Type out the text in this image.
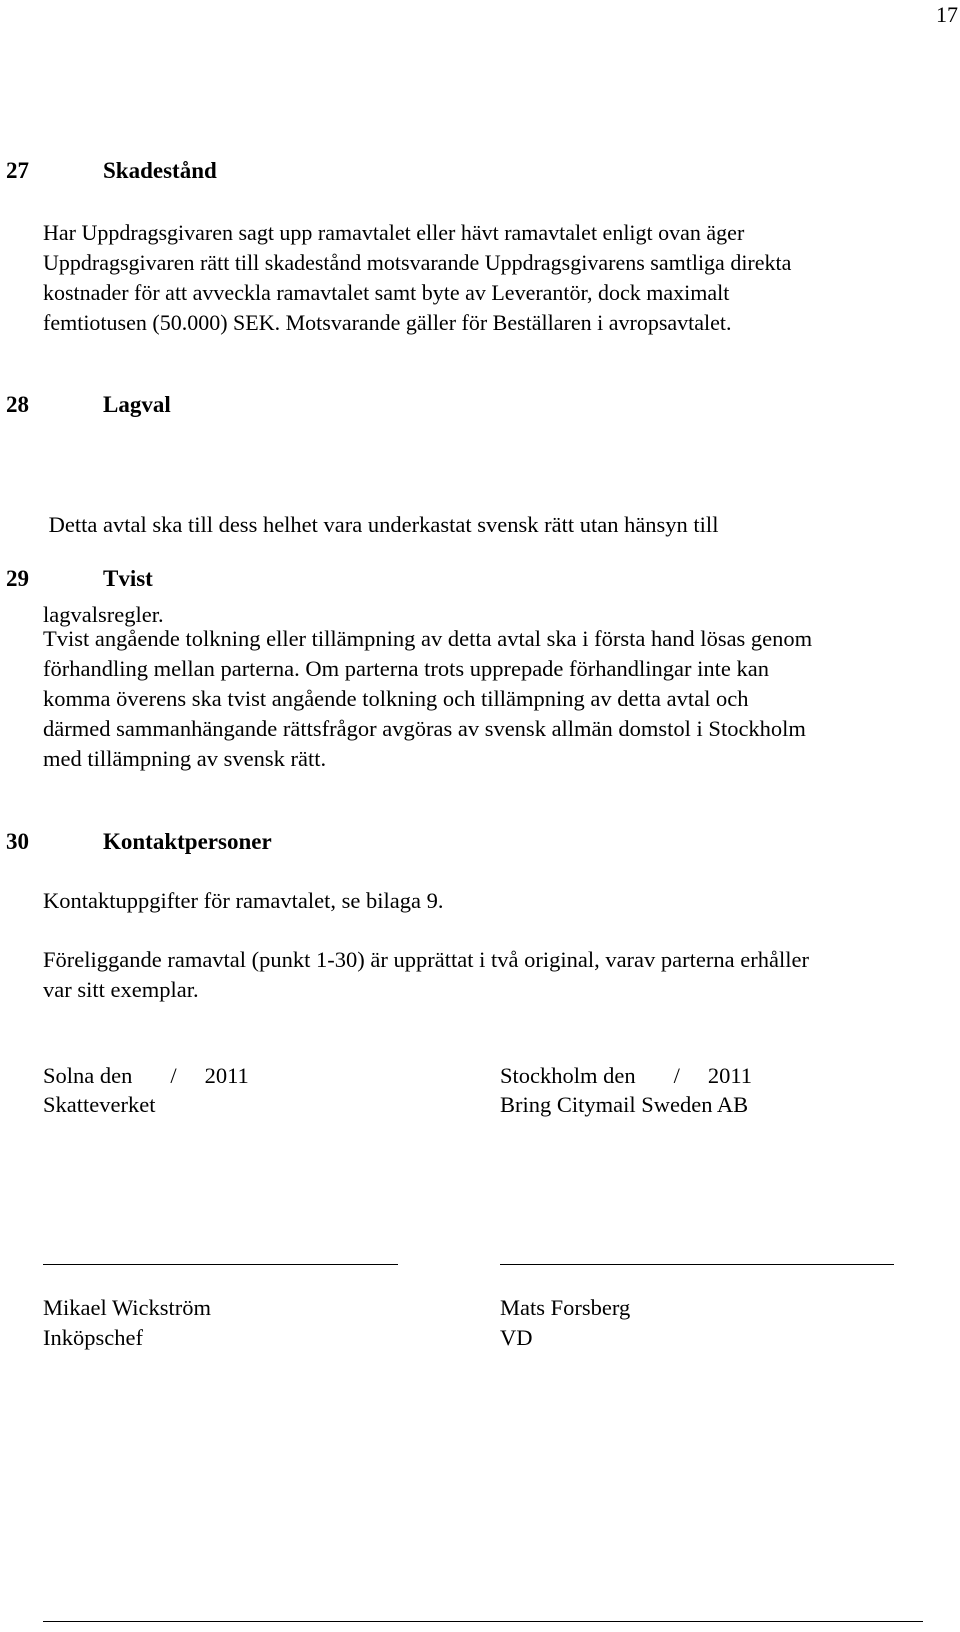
17
27	Skadestånd
Har Uppdragsgivaren sagt upp ramavtalet eller hävt ramavtalet enligt ovan äger
Uppdragsgivaren rätt till skadestånd motsvarande Uppdragsgivarens samtliga direkta
kostnader för att avveckla ramavtalet samt byte av Leverantör, dock maximalt
femtiotusen (50.000) SEK. Motsvarande gäller för Beställaren i avropsavtalet.
28	Lagval

Detta avtal ska till dess helhet vara underkastat svensk rätt utan hänsyn till

lagvalsregler.

29	Tvist
Tvist angående tolkning eller tillämpning av detta avtal ska i första hand lösas genom
förhandling mellan parterna. Om parterna trots upprepade förhandlingar inte kan
komma överens ska tvist angående tolkning och tillämpning av detta avtal och
därmed sammanhängande rättsfrågor avgöras av svensk allmän domstol i Stockholm
med tillämpning av svensk rätt.
30	Kontaktpersoner
Kontaktuppgifter för ramavtalet, se bilaga 9.
Föreliggande ramavtal (punkt 1-30) är upprättat i två original, varav parterna erhåller
var sitt exemplar.
Solna den / 2011
Skatteverket
Mikael Wickström
Inköpschef
Stockholm den / 2011
Bring Citymail Sweden AB
Mats Forsberg
VD
